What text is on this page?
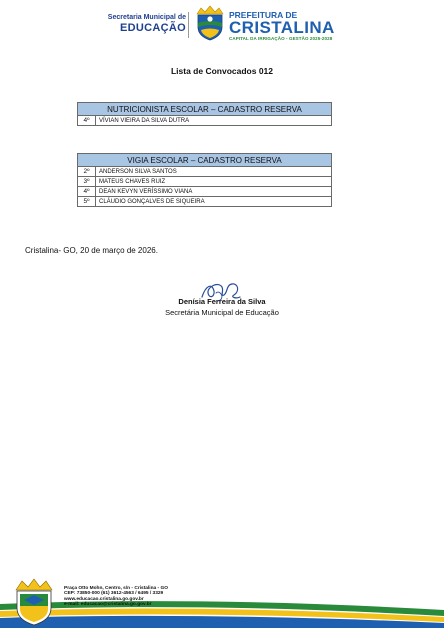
Secretaria Municipal de
EDUCAÇÃO
PREFEITURA DE
CRISTALINA
CAPITAL DA IRRIGAÇÃO - GESTÃO 2025-2028
Lista de Convocados 012
NUTRICIONISTA ESCOLAR – CADASTRO RESERVA
4º	VÍVIAN VIEIRA DA SILVA DUTRA
VIGIA ESCOLAR – CADASTRO RESERVA	
2º	ANDERSON SILVA SANTOS
3º	MATEUS CHAVES RUIZ
4º	DEAN KEVYN VERÍSSIMO VIANA
5º	CLÁUDIO GONÇALVES DE SIQUEIRA
Cristalina- GO, 20 de março de 2026.
Denísia Ferreira da Silva
Secretária Municipal de Educação
Praça Otto Mohn, Centro, s/n - Cristalina - GO
CEP: 73850-000 (61) 3612-4563 / 6495 / 3329
www.educacao.cristalina.go.gov.br
e-mail: educacao@cristalina.go.gov.br
